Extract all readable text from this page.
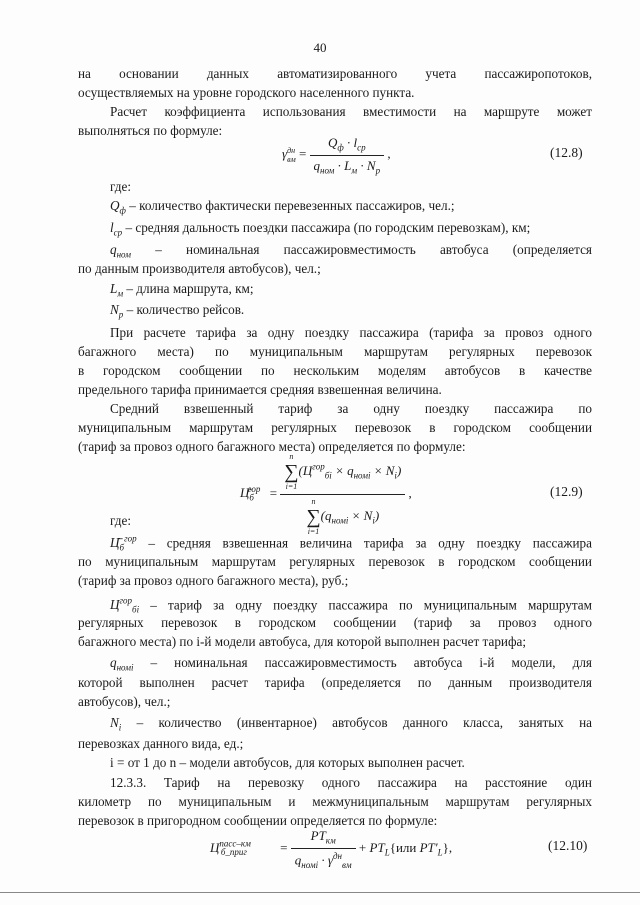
40
на основании данных автоматизированного учета пассажиропотоков,
осуществляемых на уровне городского населенного пункта.
Расчет коэффициента использования вместимости на маршруте может
выполняться по формуле:
γ дн
вм = $\frac{Q_ф \cdot l_{ср}}{q_{ном} \cdot L_м \cdot N_р}$ ,	(12.8)
где:
$Q_ф$ – количество фактически перевезенных пассажиров, чел.;
$l_{ср}$ – средняя дальность поездки пассажира (по городским перевозкам), км;
$q_{ном}$ – номинальная пассажировместимость автобуса (определяется
по данным производителя автобусов), чел.;
$L_м$ – длина маршрута, км;
$N_р$ – количество рейсов.
При расчете тарифа за одну поездку пассажира (тарифа за провоз одного
багажного места) по муниципальным маршрутам регулярных перевозок
в городском сообщении по нескольким моделям автобусов в качестве
предельного тарифа принимается средняя взвешенная величина.
Средний взвешенный тариф за одну поездку пассажира по
муниципальным маршрутам регулярных перевозок в городском сообщении
(тариф за провоз одного багажного места) определяется по формуле:
$Ц̄_б^{гор} = n$
∑
i=1
$(Ц^{гор}_{бi} \times q_{номi} \times N_i)$
n
∑
i=1
$(q_{номi} \times N_i)$ ,	(12.9)
где:
$Ц̄_б^{гор}$ – средняя взвешенная величина тарифа за одну поездку пассажира
по муниципальным маршрутам регулярных перевозок в городском сообщении
(тариф за провоз одного багажного места), руб.;
$Ц^{гор}_{бi}$ – тариф за одну поездку пассажира по муниципальным маршрутам
регулярных перевозок в городском сообщении (тариф за провоз одного
багажного места) по i-й модели автобуса, для которой выполнен расчет тарифа;
$q_{номi}$ – номинальная пассажировместимость автобуса i-й модели, для
которой выполнен расчет тарифа (определяется по данным производителя
автобусов), чел.;
$N_i$ – количество (инвентарное) автобусов данного класса, занятых на
перевозках данного вида, ед.;
i = от 1 до n – модели автобусов, для которых выполнен расчет.
12.3.3. Тариф на перевозку одного пассажира на расстояние один
километр по муниципальным и межмуниципальным маршрутам регулярных
перевозок в пригородном сообщении определяется по формуле:
$Ц^{пасс-км}_{б\_приг}$	= $\frac{PT_{км}}{q_{номi} \cdot \gamma^{дн}_{вм}} + PT_L\{или$ $PT'_L$},	(12.10)
